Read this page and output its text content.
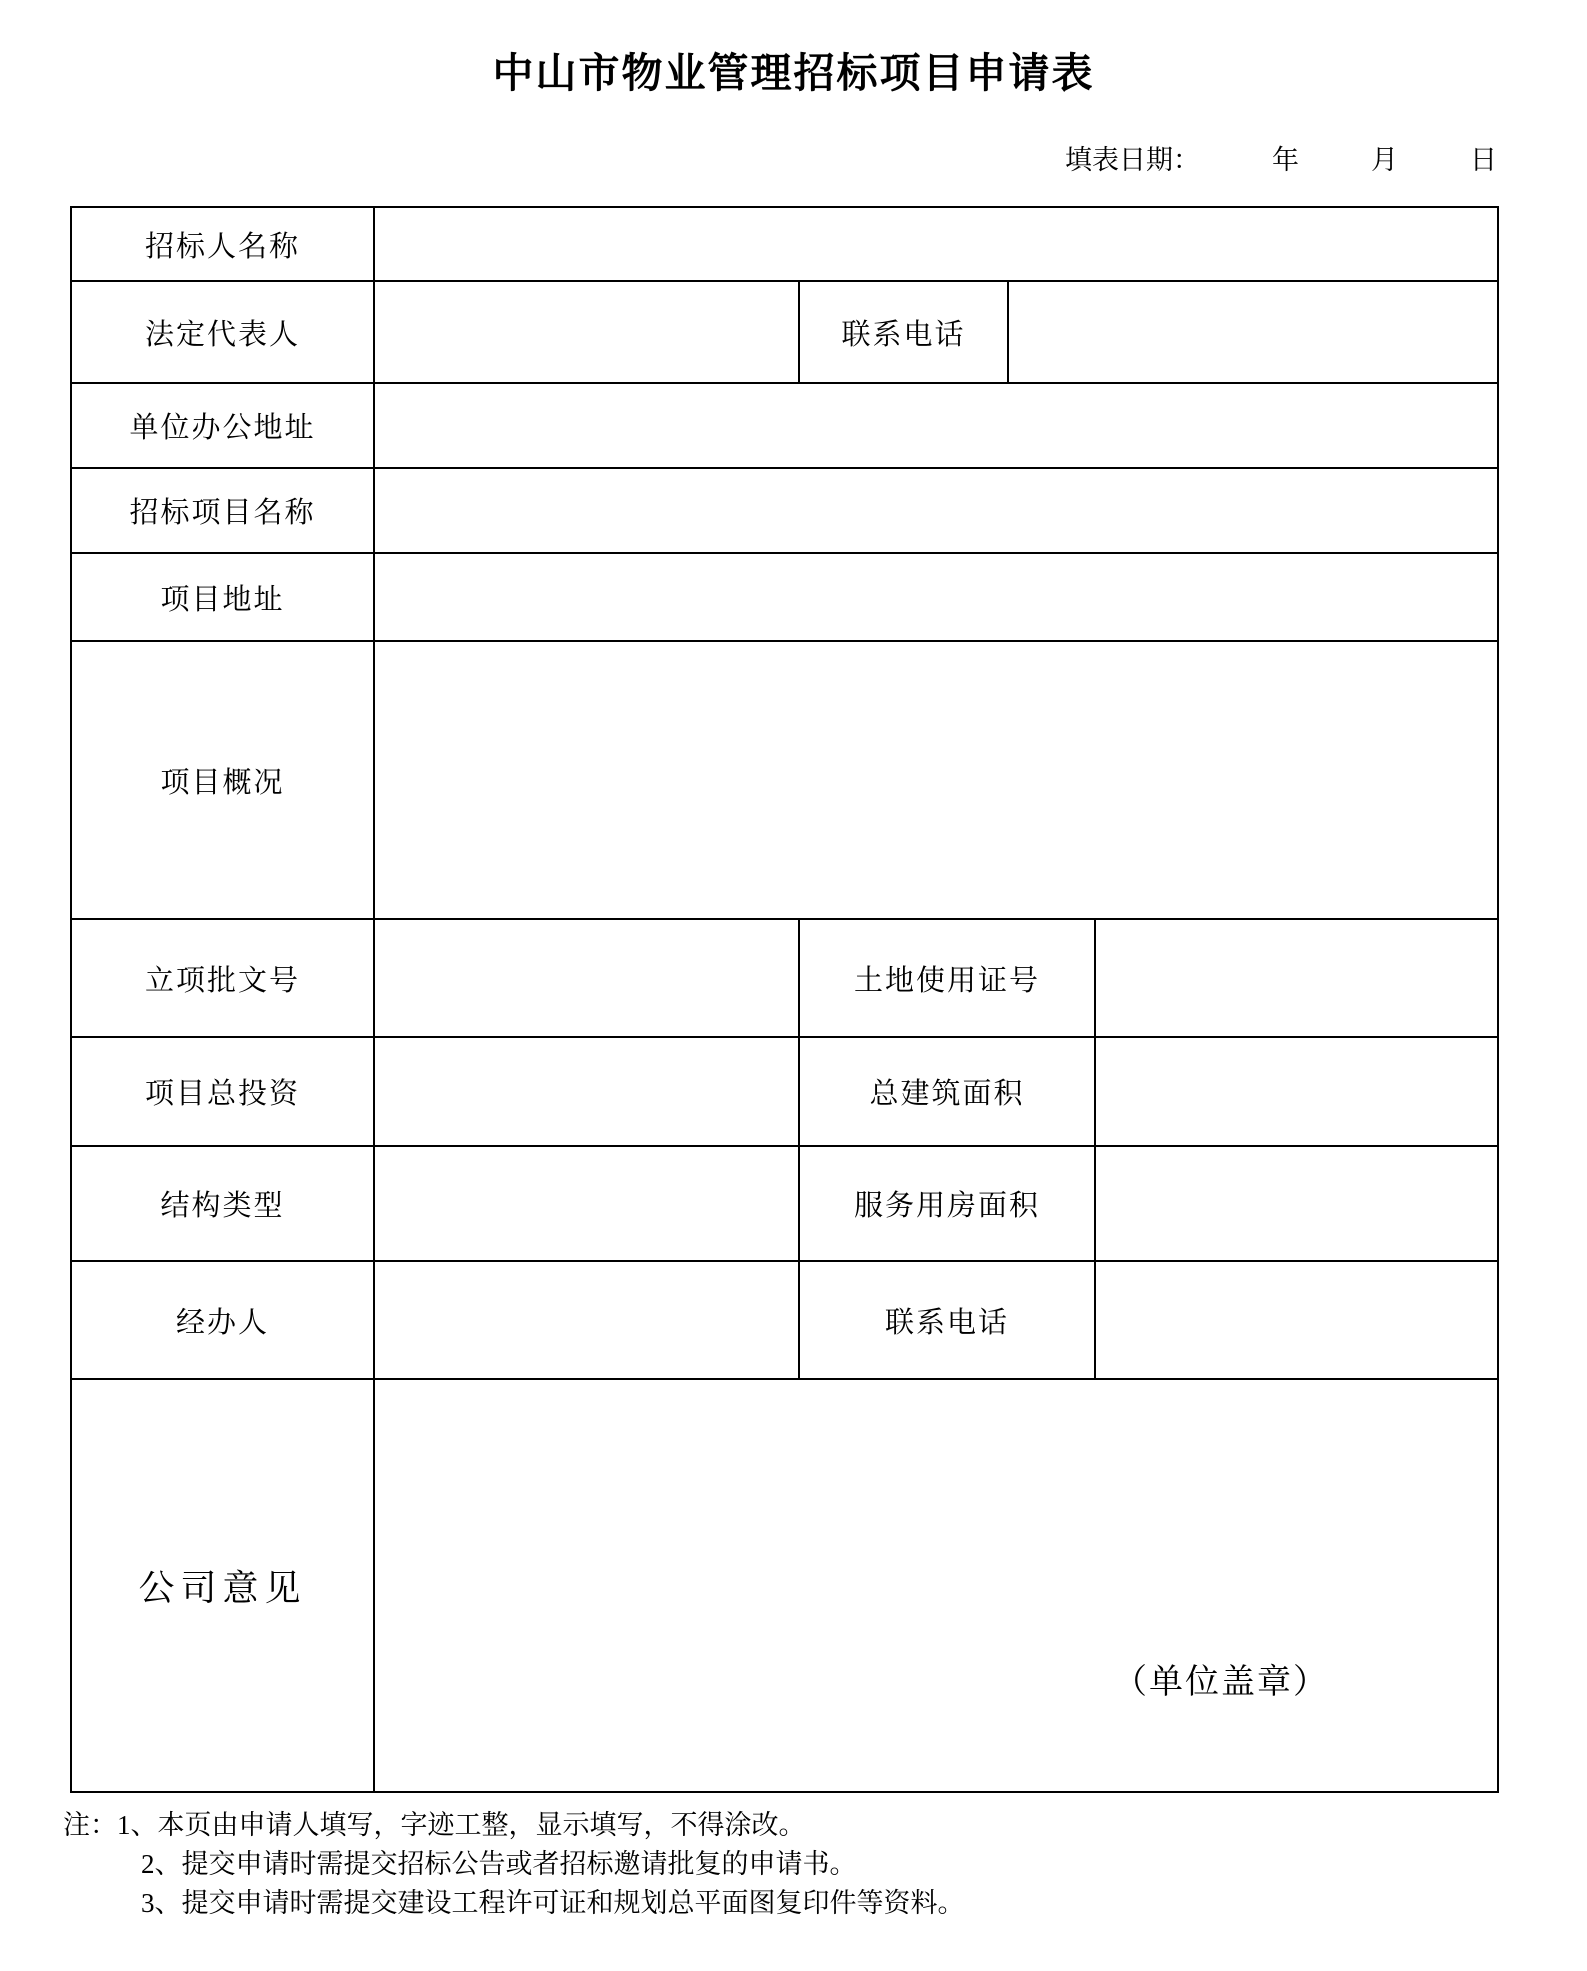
中山市物业管理招标项目申请表
填表日期：	年	月	日
招标人名称				
法定代表人		联系电话		
单位办公地址				
招标项目名称				
项目地址				
项目概况				
立项批文号		土地使用证号		
项目总投资		总建筑面积		
结构类型		服务用房面积		
经办人		联系电话		
公司意见	（单位盖章）			
注：1、本页由申请人填写，字迹工整，显示填写，不得涂改。
2、提交申请时需提交招标公告或者招标邀请批复的申请书。
3、提交申请时需提交建设工程许可证和规划总平面图复印件等资料。
